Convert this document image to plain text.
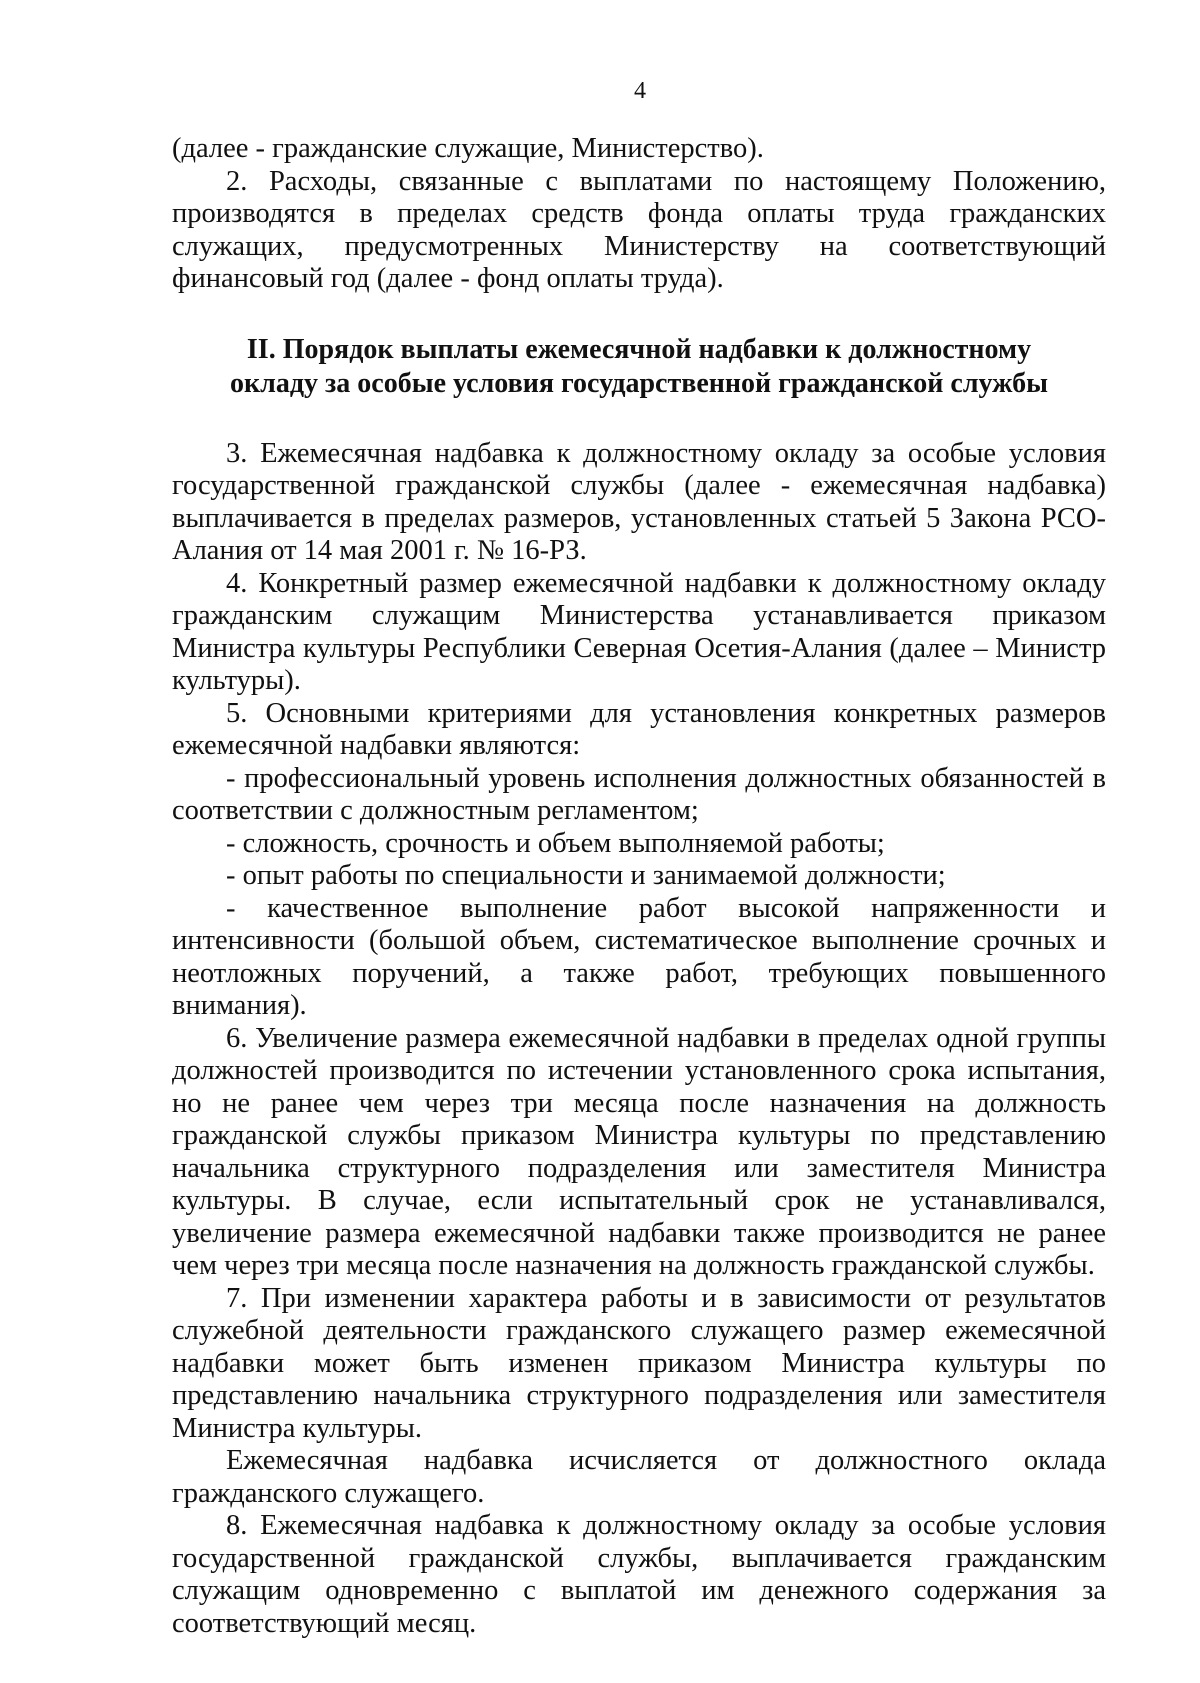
4

(далее - гражданские служащие, Министерство).

2. Расходы, связанные с выплатами по настоящему Положению, производятся в пределах средств фонда оплаты труда гражданских служащих, предусмотренных Министерству на соответствующий финансовый год (далее - фонд оплаты труда).

II. Порядок выплаты ежемесячной надбавки к должностному
окладу за особые условия государственной гражданской службы

3. Ежемесячная надбавка к должностному окладу за особые условия государственной гражданской службы (далее - ежемесячная надбавка) выплачивается в пределах размеров, установленных статьей 5 Закона РСО-Алания от 14 мая 2001 г. № 16-РЗ.

4. Конкретный размер ежемесячной надбавки к должностному окладу гражданским служащим Министерства устанавливается приказом Министра культуры Республики Северная Осетия-Алания (далее – Министр культуры).

5. Основными критериями для установления конкретных размеров ежемесячной надбавки являются:

- профессиональный уровень исполнения должностных обязанностей в соответствии с должностным регламентом;

- сложность, срочность и объем выполняемой работы;

- опыт работы по специальности и занимаемой должности;

- качественное выполнение работ высокой напряженности и интенсивности (большой объем, систематическое выполнение срочных и неотложных поручений, а также работ, требующих повышенного внимания).

6. Увеличение размера ежемесячной надбавки в пределах одной группы должностей производится по истечении установленного срока испытания, но не ранее чем через три месяца после назначения на должность гражданской службы приказом Министра культуры по представлению начальника структурного подразделения или заместителя Министра культуры. В случае, если испытательный срок не устанавливался, увеличение размера ежемесячной надбавки также производится не ранее чем через три месяца после назначения на должность гражданской службы.

7. При изменении характера работы и в зависимости от результатов служебной деятельности гражданского служащего размер ежемесячной надбавки может быть изменен приказом Министра культуры по представлению начальника структурного подразделения или заместителя Министра культуры.

Ежемесячная надбавка исчисляется от должностного оклада гражданского служащего.

8. Ежемесячная надбавка к должностному окладу за особые условия государственной гражданской службы, выплачивается гражданским служащим одновременно с выплатой им денежного содержания за соответствующий месяц.
